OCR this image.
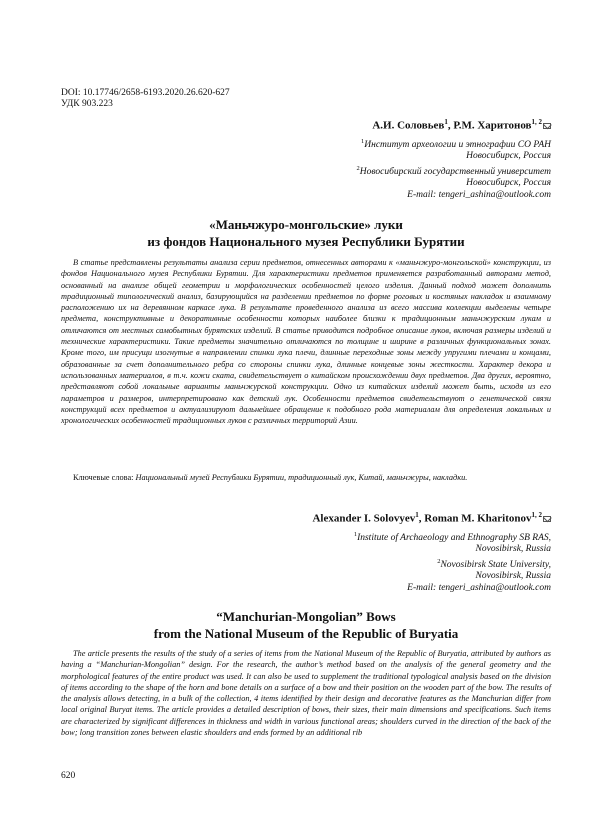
DOI: 10.17746/2658-6193.2020.26.620-627
УДК 903.223
А.И. Соловьев$^1$, Р.М. Харитонов$^{1, 2}$
$^1$Институт археологии и этнографии СО РАН
Новосибирск, Россия
$^2$Новосибирский государственный университет
Новосибирск, Россия
E-mail: tengeri_ashina@outlook.com
«Маньчжуро-монгольские» луки
из фондов Национального музея Республики Бурятии
В статье представлены результаты анализа серии предметов, отнесенных авторами к «маньчжуро-монгольской» конструкции, из фондов Национального музея Республики Бурятии. Для характеристики предметов применяется разработанный авторами метод, основанный на анализе общей геометрии и морфологических особенностей целого изделия. Данный подход может дополнить традиционный типологический анализ, базирующийся на разделении предметов по форме роговых и костяных накладок и взаимному расположению их на деревянном каркасе лука. В результате проведенного анализа из всего массива коллекции выделены четыре предмета, конструктивные и декоративные особенности которых наиболее близки к традиционным маньчжурским лукам и отличаются от местных самобытных бурятских изделий. В статье приводится подробное описание луков, включая размеры изделий и технические характеристики. Такие предметы значительно отличаются по толщине и ширине в различных функциональных зонах. Кроме того, им присущи изогнутые в направлении спинки лука плечи, длинные переходные зоны между упругими плечами и концами, образованные за счет дополнительного ребра со стороны спинки лука, длинные концевые зоны жесткости. Характер декора и использованных материалов, в т.ч. кожи ската, свидетельствует о китайском происхождении двух предметов. Два других, вероятно, представляют собой локальные варианты маньчжурской конструкции. Одно из китайских изделий может быть, исходя из его параметров и размеров, интерпретировано как детский лук. Особенности предметов свидетельствуют о генетической связи конструкций всех предметов и актуализируют дальнейшее обращение к подобного рода материалам для определения локальных и хронологических особенностей традиционных луков с различных территорий Азии.
Ключевые слова: Национальный музей Республики Бурятии, традиционный лук, Китай, маньчжуры, накладки.
Alexander I. Solovyev$^1$, Roman M. Kharitonov$^{1, 2}$
$^1$Institute of Archaeology and Ethnography SB RAS,
Novosibirsk, Russia
$^2$Novosibirsk State University,
Novosibirsk, Russia
E-mail: tengeri_ashina@outlook.com
“Manchurian-Mongolian” Bows
from the National Museum of the Republic of Buryatia
The article presents the results of the study of a series of items from the National Museum of the Republic of Buryatia, attributed by authors as having a “Manchurian-Mongolian” design. For the research, the author’s method based on the analysis of the general geometry and the morphological features of the entire product was used. It can also be used to supplement the traditional typological analysis based on the division of items according to the shape of the horn and bone details on a surface of a bow and their position on the wooden part of the bow. The results of the analysis allows detecting, in a bulk of the collection, 4 items identified by their design and decorative features as the Manchurian differ from local original Buryat items. The article provides a detailed description of bows, their sizes, their main dimensions and specifications. Such items are characterized by significant differences in thickness and width in various functional areas; shoulders curved in the direction of the back of the bow; long transition zones between elastic shoulders and ends formed by an additional rib
620
